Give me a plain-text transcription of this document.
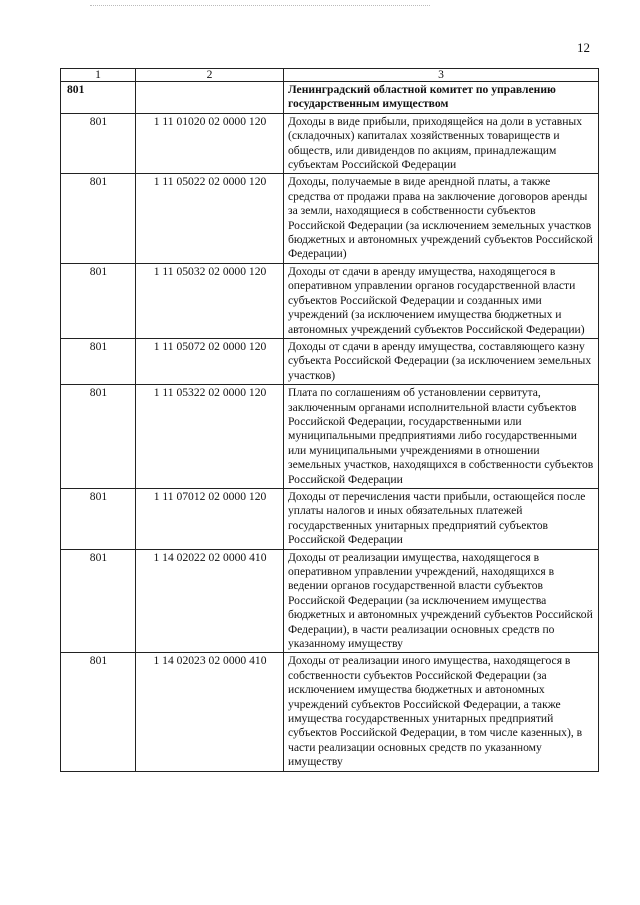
12
1	2	3
801		Ленинградский областной комитет по управлению государственным имуществом
801	1 11 01020 02 0000 120	Доходы в виде прибыли, приходящейся на доли в уставных (складочных) капиталах хозяйственных товариществ и обществ, или дивидендов по акциям, принадлежащим субъектам Российской Федерации
801	1 11 05022 02 0000 120	Доходы, получаемые в виде арендной платы, а также средства от продажи права на заключение договоров аренды за земли, находящиеся в собственности субъектов Российской Федерации (за исключением земельных участков бюджетных и автономных учреждений субъектов Российской Федерации)
801	1 11 05032 02 0000 120	Доходы от сдачи в аренду имущества, находящегося в оперативном управлении органов государственной власти субъектов Российской Федерации и созданных ими учреждений (за исключением имущества бюджетных и автономных учреждений субъектов Российской Федерации)
801	1 11 05072 02 0000 120	Доходы от сдачи в аренду имущества, составляющего казну субъекта Российской Федерации (за исключением земельных участков)
801	1 11 05322 02 0000 120	Плата по соглашениям об установлении сервитута, заключенным органами исполнительной власти субъектов Российской Федерации, государственными или муниципальными предприятиями либо государственными или муниципальными учреждениями в отношении земельных участков, находящихся в собственности субъектов Российской Федерации
801	1 11 07012 02 0000 120	Доходы от перечисления части прибыли, остающейся после уплаты налогов и иных обязательных платежей государственных унитарных предприятий субъектов Российской Федерации
801	1 14 02022 02 0000 410	Доходы от реализации имущества, находящегося в оперативном управлении учреждений, находящихся в ведении органов государственной власти субъектов Российской Федерации (за исключением имущества бюджетных и автономных учреждений субъектов Российской Федерации), в части реализации основных средств по указанному имуществу
801	1 14 02023 02 0000 410	Доходы от реализации иного имущества, находящегося в собственности субъектов Российской Федерации (за исключением имущества бюджетных и автономных учреждений субъектов Российской Федерации, а также имущества государственных унитарных предприятий субъектов Российской Федерации, в том числе казенных), в части реализации основных средств по указанному имуществу
